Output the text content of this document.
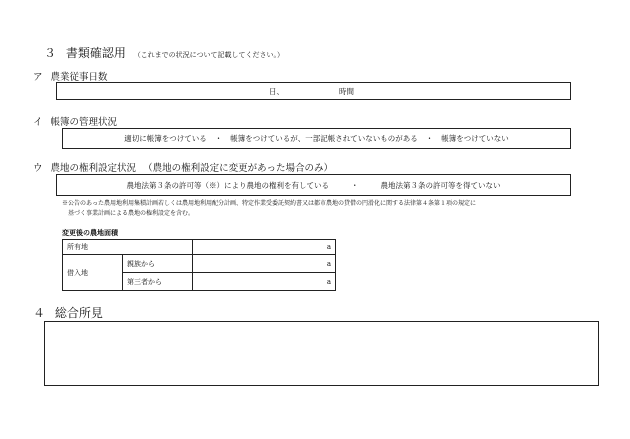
３ 書類確認用 （これまでの状況について記載してください。）
ア 農業従事日数
日、	時間
イ 帳簿の管理状況
適切に帳簿をつけている ・ 帳簿をつけているが、一部記帳されていないものがある ・ 帳簿をつけていない
ウ 農地の権利設定状況 （農地の権利設定に変更があった場合のみ）
農地法第３条の許可等（※）により農地の権利を有している	・	農地法第３条の許可等を得ていない
※公告のあった農用地利用集積計画若しくは農用地利用配分計画、特定作業受委託契約書又は都市農地の貸借の円滑化に関する法律第４条第１項の規定に
基づく事業計画による農地の権利設定を含む。
変更後の農地面積
所有地		a
借入地	親族から	a
	第三者から	a
４ 総合所見
